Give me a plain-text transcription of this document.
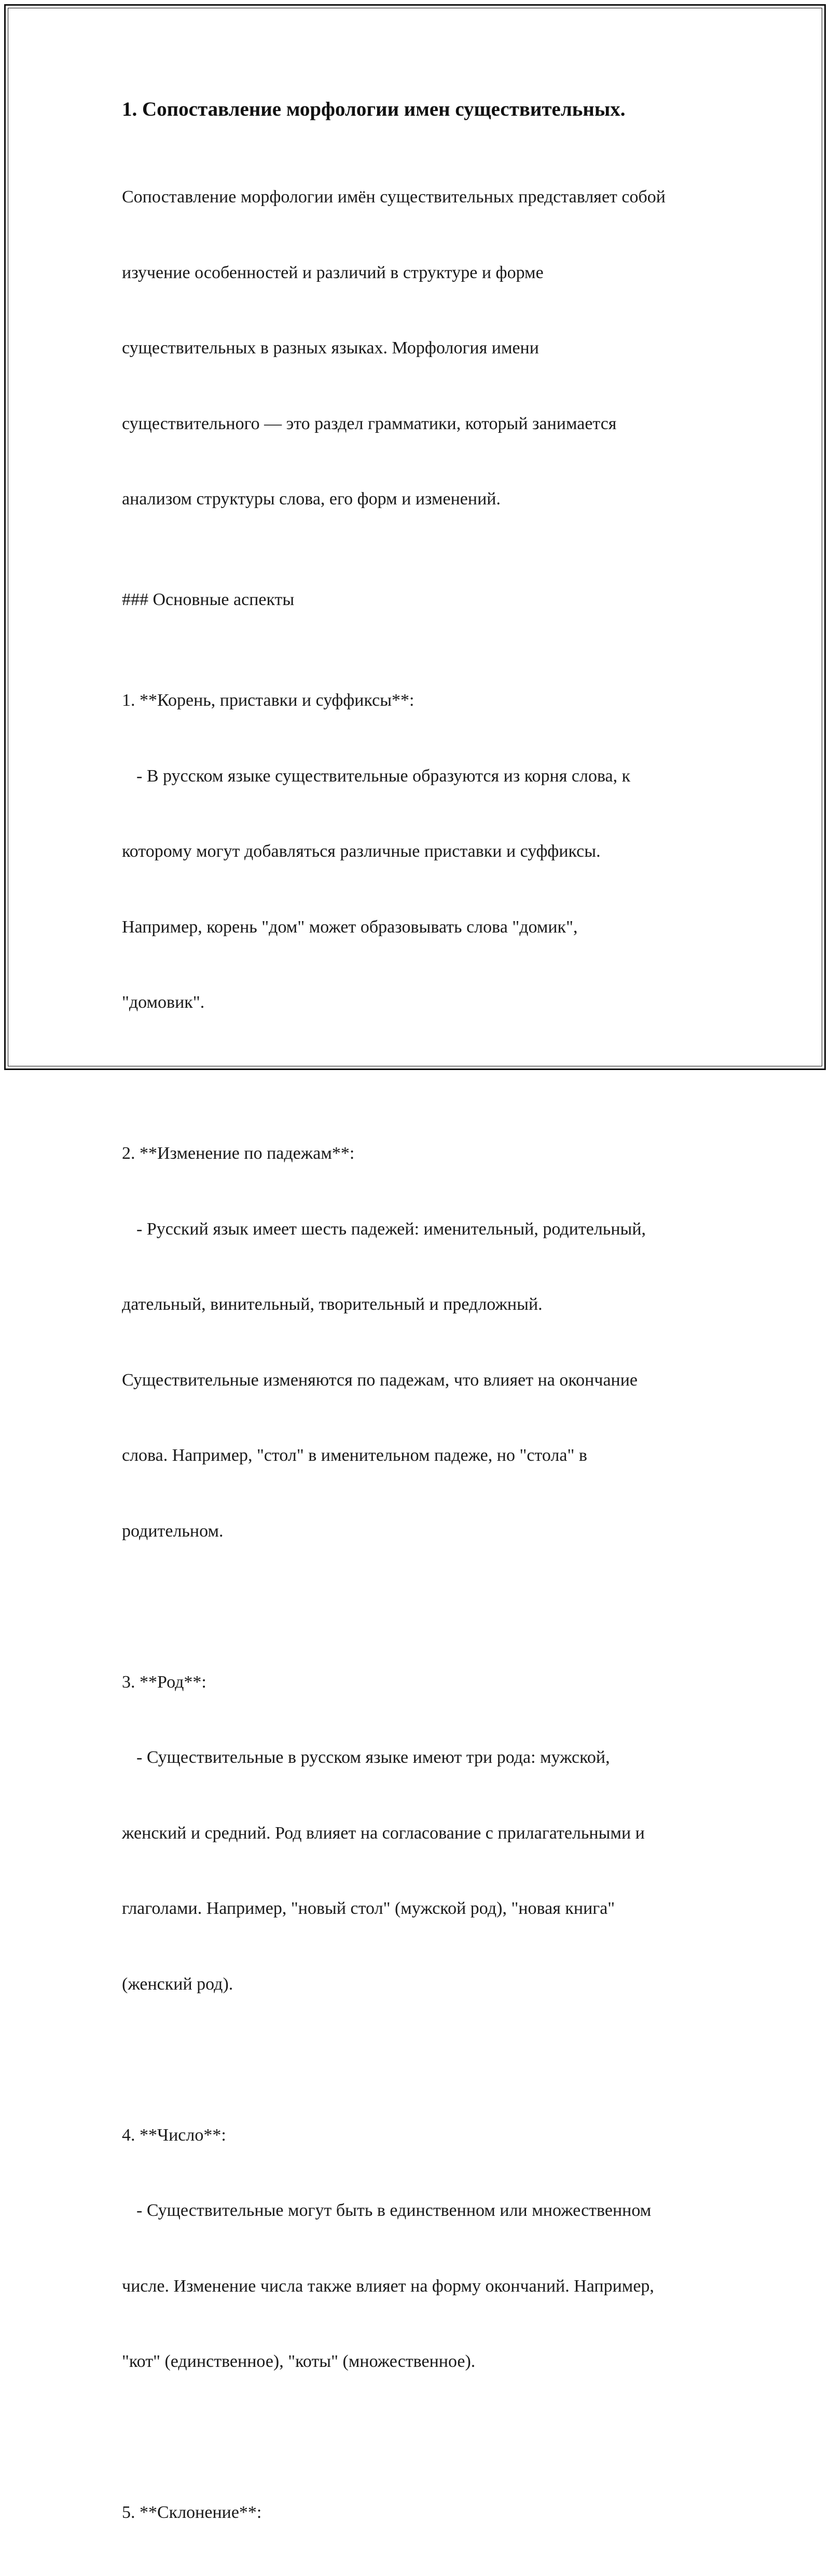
1. Сопоставление морфологии имен существительных.

Сопоставление морфологии имён существительных представляет собой

изучение особенностей и различий в структуре и форме

существительных в разных языках. Морфология имени

существительного — это раздел грамматики, который занимается

анализом структуры слова, его форм и изменений.

### Основные аспекты

1. **Корень, приставки и суффиксы**:

- В русском языке существительные образуются из корня слова, к

которому могут добавляться различные приставки и суффиксы.

Например, корень "дом" может образовывать слова "домик",

"домовик".

2. **Изменение по падежам**:

- Русский язык имеет шесть падежей: именительный, родительный,

дательный, винительный, творительный и предложный.

Существительные изменяются по падежам, что влияет на окончание

слова. Например, "стол" в именительном падеже, но "стола" в

родительном.

3. **Род**:

- Существительные в русском языке имеют три рода: мужской,

женский и средний. Род влияет на согласование с прилагательными и

глаголами. Например, "новый стол" (мужской род), "новая книга"

(женский род).

4. **Число**:

- Существительные могут быть в единственном или множественном

числе. Изменение числа также влияет на форму окончаний. Например,

"кот" (единственное), "коты" (множественное).

5. **Склонение**:
